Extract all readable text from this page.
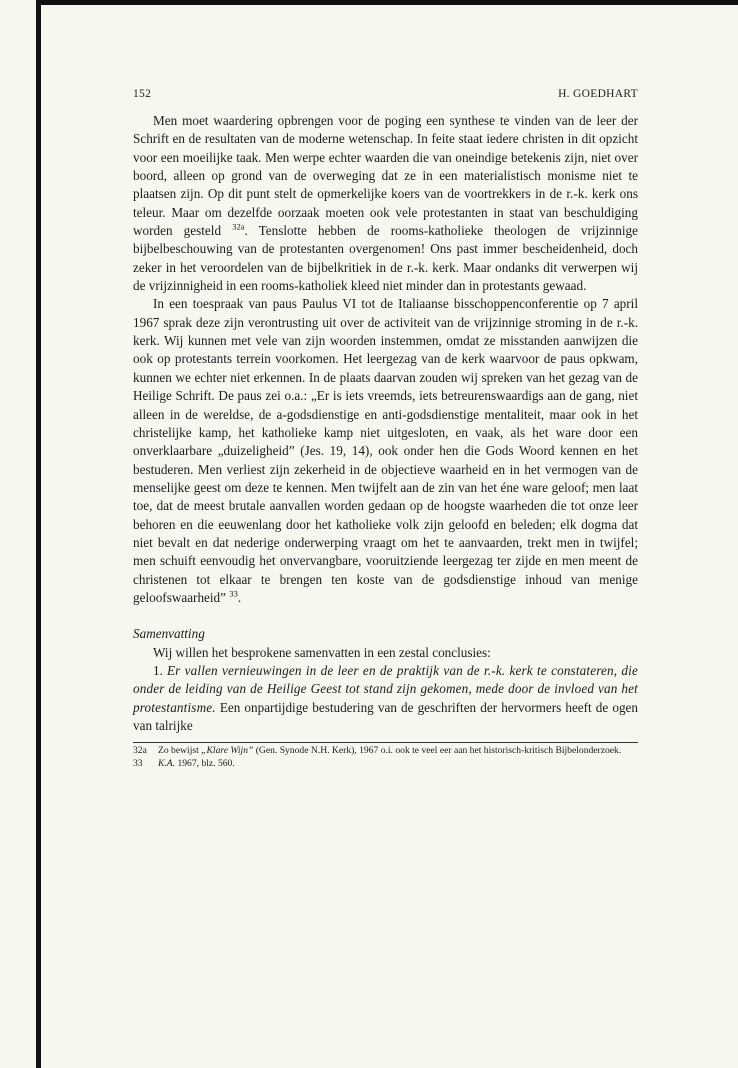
152	H. GOEDHART

Men moet waardering opbrengen voor de poging een synthese te vinden van de leer der Schrift en de resultaten van de moderne wetenschap. In feite staat iedere christen in dit opzicht voor een moeilijke taak. Men werpe echter waarden die van oneindige betekenis zijn, niet over boord, alleen op grond van de overweging dat ze in een materialistisch monisme niet te plaatsen zijn. Op dit punt stelt de opmerkelijke koers van de voortrekkers in de r.-k. kerk ons teleur. Maar om dezelfde oorzaak moeten ook vele protestanten in staat van beschuldiging worden gesteld $^{32a}$. Tenslotte hebben de rooms-katholieke theologen de vrijzinnige bijbelbeschouwing van de protestanten overgenomen! Ons past immer bescheidenheid, doch zeker in het veroordelen van de bijbelkritiek in de r.-k. kerk. Maar ondanks dit verwerpen wij de vrijzinnigheid in een rooms-katholiek kleed niet minder dan in protestants gewaad.

In een toespraak van paus Paulus VI tot de Italiaanse bisschoppenconferentie op 7 april 1967 sprak deze zijn verontrusting uit over de activiteit van de vrijzinnige stroming in de r.-k. kerk. Wij kunnen met vele van zijn woorden instemmen, omdat ze misstanden aanwijzen die ook op protestants terrein voorkomen. Het leergezag van de kerk waarvoor de paus opkwam, kunnen we echter niet erkennen. In de plaats daarvan zouden wij spreken van het gezag van de Heilige Schrift. De paus zei o.a.: „Er is iets vreemds, iets betreurenswaardigs aan de gang, niet alleen in de wereldse, de a-godsdienstige en anti-godsdienstige mentaliteit, maar ook in het christelijke kamp, het katholieke kamp niet uitgesloten, en vaak, als het ware door een onverklaarbare „duizeligheid” (Jes. 19, 14), ook onder hen die Gods Woord kennen en het bestuderen. Men verliest zijn zekerheid in de objectieve waarheid en in het vermogen van de menselijke geest om deze te kennen. Men twijfelt aan de zin van het éne ware geloof; men laat toe, dat de meest brutale aanvallen worden gedaan op de hoogste waarheden die tot onze leer behoren en die eeuwenlang door het katholieke volk zijn geloofd en beleden; elk dogma dat niet bevalt en dat nederige onderwerping vraagt om het te aanvaarden, trekt men in twijfel; men schuift eenvoudig het onvervangbare, vooruitziende leergezag ter zijde en men meent de christenen tot elkaar te brengen ten koste van de godsdienstige inhoud van menige geloofswaarheid” $^{33}$.

Samenvatting

Wij willen het besprokene samenvatten in een zestal conclusies:

1. Er vallen vernieuwingen in de leer en de praktijk van de r.-k. kerk te constateren, die onder de leiding van de Heilige Geest tot stand zijn gekomen, mede door de invloed van het protestantisme. Een onpartijdige bestudering van de geschriften der hervormers heeft de ogen van talrijke

32a	Zo bewijst „Klare Wijn” (Gen. Synode N.H. Kerk), 1967 o.i. ook te veel eer aan het historisch-kritisch Bijbelonderzoek.
33	K.A. 1967, blz. 560.
